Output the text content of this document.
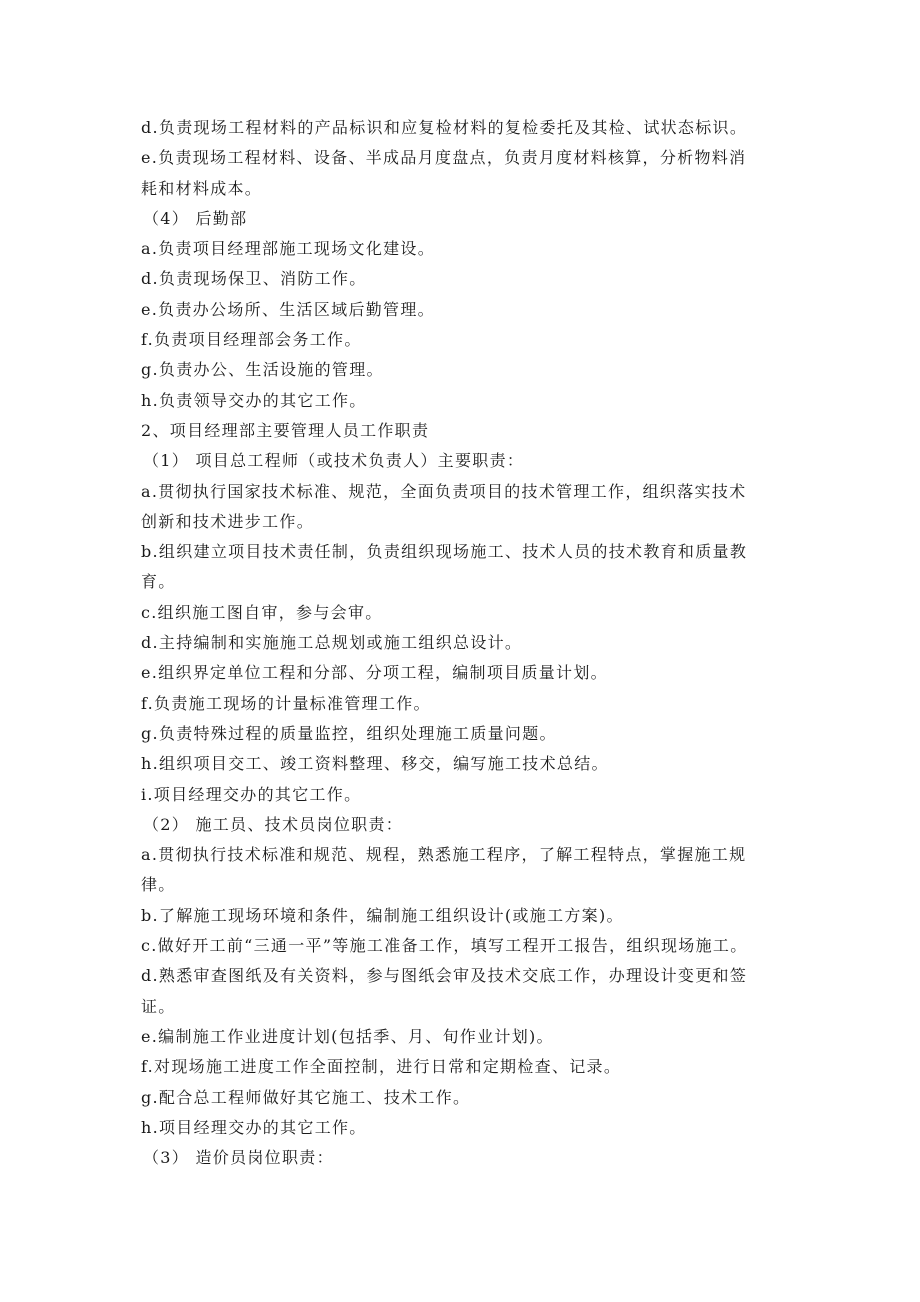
d.负责现场工程材料的产品标识和应复检材料的复检委托及其检、试状态标识。

e.负责现场工程材料、设备、半成品月度盘点，负责月度材料核算，分析物料消

耗和材料成本。

（4） 后勤部

a.负责项目经理部施工现场文化建设。

d.负责现场保卫、消防工作。

e.负责办公场所、生活区域后勤管理。

f.负责项目经理部会务工作。

g.负责办公、生活设施的管理。

h.负责领导交办的其它工作。

2、项目经理部主要管理人员工作职责

（1） 项目总工程师（或技术负责人）主要职责：

a.贯彻执行国家技术标准、规范，全面负责项目的技术管理工作，组织落实技术

创新和技术进步工作。

b.组织建立项目技术责任制，负责组织现场施工、技术人员的技术教育和质量教

育。

c.组织施工图自审，参与会审。

d.主持编制和实施施工总规划或施工组织总设计。

e.组织界定单位工程和分部、分项工程，编制项目质量计划。

f.负责施工现场的计量标准管理工作。

g.负责特殊过程的质量监控，组织处理施工质量问题。

h.组织项目交工、竣工资料整理、移交，编写施工技术总结。

i.项目经理交办的其它工作。

（2） 施工员、技术员岗位职责：

a.贯彻执行技术标准和规范、规程，熟悉施工程序，了解工程特点，掌握施工规

律。

b.了解施工现场环境和条件，编制施工组织设计(或施工方案)。

c.做好开工前“三通一平”等施工准备工作，填写工程开工报告，组织现场施工。

d.熟悉审查图纸及有关资料，参与图纸会审及技术交底工作，办理设计变更和签

证。

e.编制施工作业进度计划(包括季、月、旬作业计划)。

f.对现场施工进度工作全面控制，进行日常和定期检查、记录。

g.配合总工程师做好其它施工、技术工作。

h.项目经理交办的其它工作。

（3） 造价员岗位职责：
